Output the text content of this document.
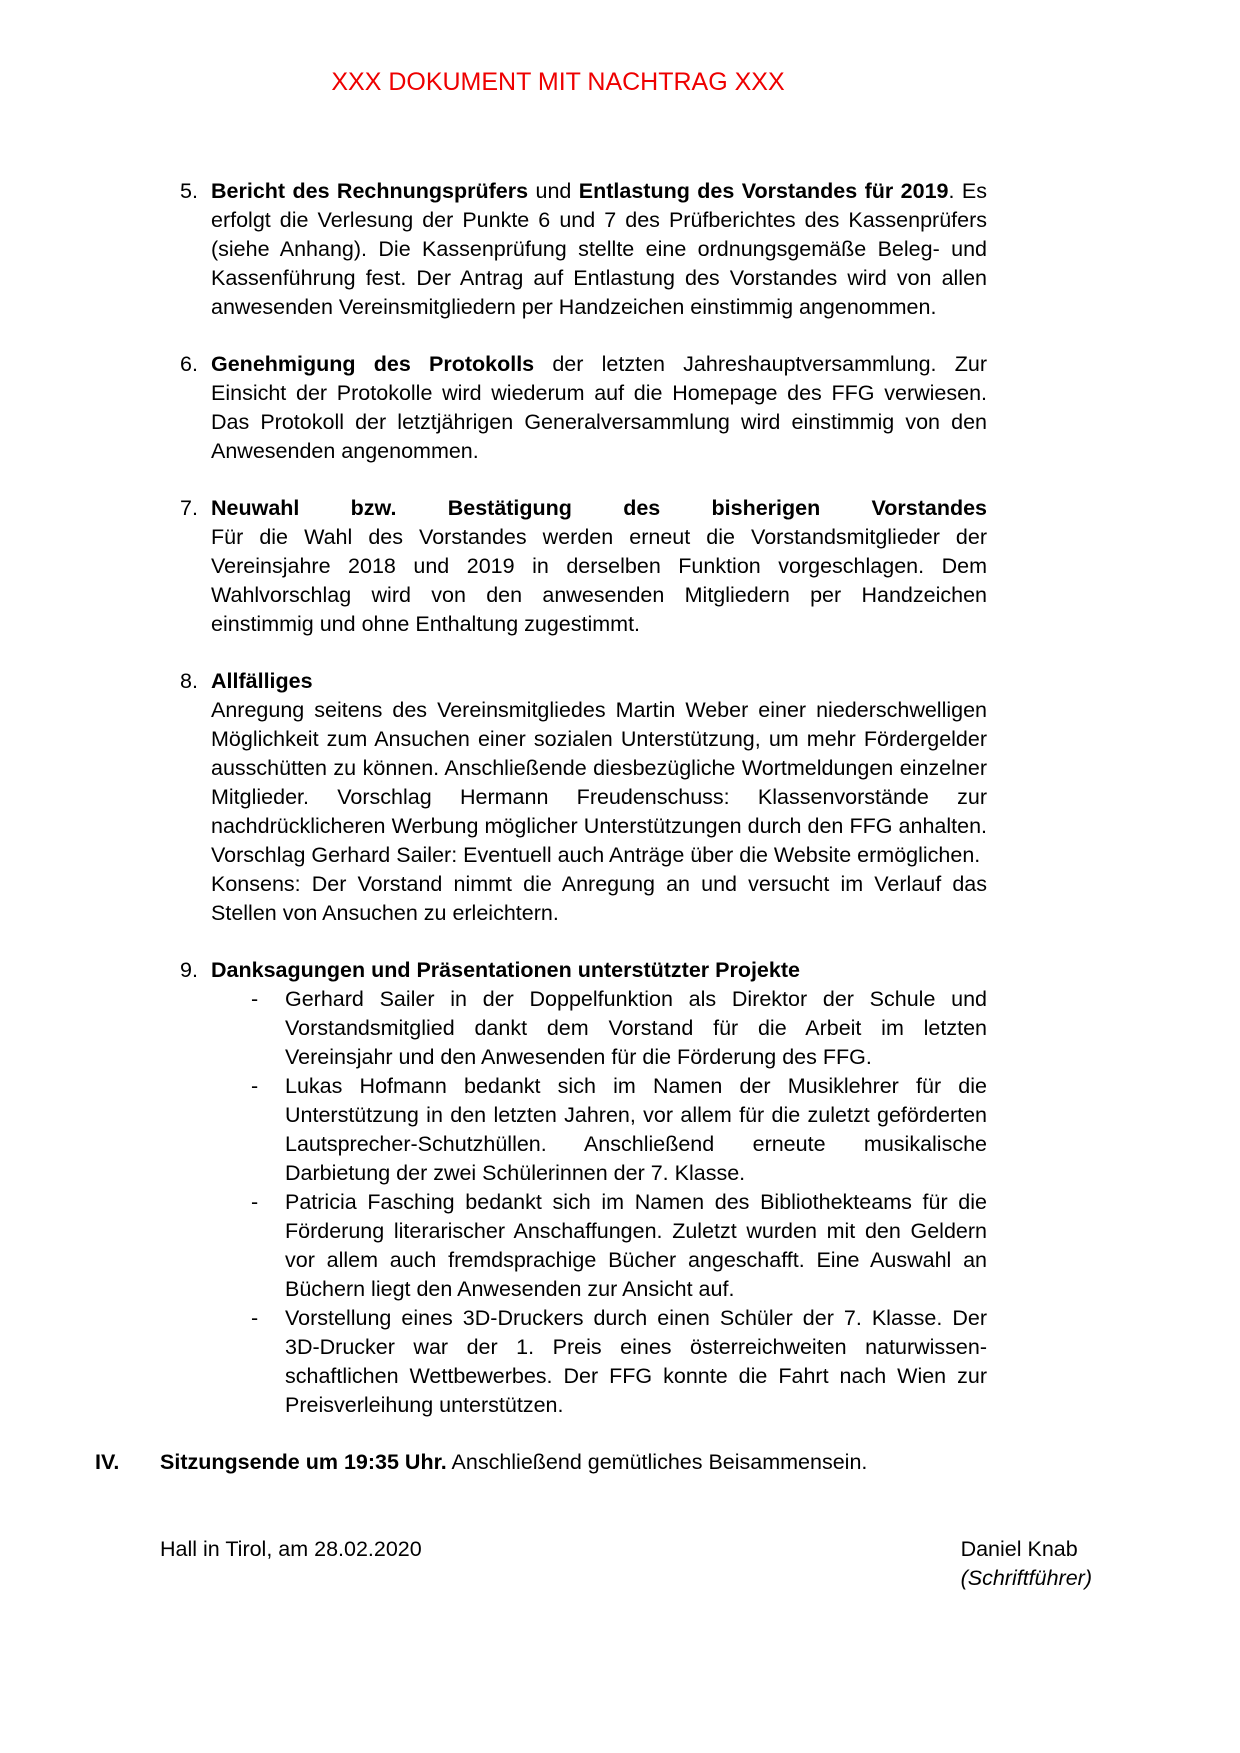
XXX DOKUMENT MIT NACHTRAG XXX
5. Bericht des Rechnungsprüfers und Entlastung des Vorstandes für 2019. Es erfolgt die Verlesung der Punkte 6 und 7 des Prüfberichtes des Kassenprüfers (siehe Anhang). Die Kassenprüfung stellte eine ordnungsgemäße Beleg- und Kassenführung fest. Der Antrag auf Entlastung des Vorstandes wird von allen anwesenden Vereinsmitgliedern per Handzeichen einstimmig angenommen.

6. Genehmigung des Protokolls der letzten Jahreshauptversammlung. Zur Einsicht der Protokolle wird wiederum auf die Homepage des FFG verwiesen. Das Protokoll der letztjährigen Generalversammlung wird einstimmig von den Anwesenden angenommen.

7. Neuwahl bzw. Bestätigung des bisherigen Vorstandes

Für die Wahl des Vorstandes werden erneut die Vorstandsmitglieder der Vereinsjahre 2018 und 2019 in derselben Funktion vorgeschlagen. Dem Wahlvorschlag wird von den anwesenden Mitgliedern per Handzeichen einstimmig und ohne Enthaltung zugestimmt.

8. Allfälliges

Anregung seitens des Vereinsmitgliedes Martin Weber einer niederschwelligen Möglichkeit zum Ansuchen einer sozialen Unterstützung, um mehr Fördergelder ausschütten zu können. Anschließende diesbezügliche Wortmeldungen einzelner Mitglieder. Vorschlag Hermann Freudenschuss: Klassenvorstände zur nachdrücklicheren Werbung möglicher Unterstützungen durch den FFG anhalten. Vorschlag Gerhard Sailer: Eventuell auch Anträge über die Website ermöglichen.

Konsens: Der Vorstand nimmt die Anregung an und versucht im Verlauf das Stellen von Ansuchen zu erleichtern.

9. Danksagungen und Präsentationen unterstützter Projekte

-	Gerhard Sailer in der Doppelfunktion als Direktor der Schule und Vorstandsmitglied dankt dem Vorstand für die Arbeit im letzten Vereinsjahr und den Anwesenden für die Förderung des FFG.

-	Lukas Hofmann bedankt sich im Namen der Musiklehrer für die Unterstützung in den letzten Jahren, vor allem für die zuletzt geförderten Lautsprecher-Schutzhüllen. Anschließend erneute musikalische Darbietung der zwei Schülerinnen der 7. Klasse.

-	Patricia Fasching bedankt sich im Namen des Bibliothekteams für die Förderung literarischer Anschaffungen. Zuletzt wurden mit den Geldern vor allem auch fremdsprachige Bücher angeschafft. Eine Auswahl an Büchern liegt den Anwesenden zur Ansicht auf.

-	Vorstellung eines 3D-Druckers durch einen Schüler der 7. Klasse. Der 3D-Drucker war der 1. Preis eines österreichweiten naturwissen-schaftlichen Wettbewerbes. Der FFG konnte die Fahrt nach Wien zur Preisverleihung unterstützen.

IV.	Sitzungsende um 19:35 Uhr. Anschließend gemütliches Beisammensein.

Hall in Tirol, am 28.02.2020	Daniel Knab
(Schriftführer)
